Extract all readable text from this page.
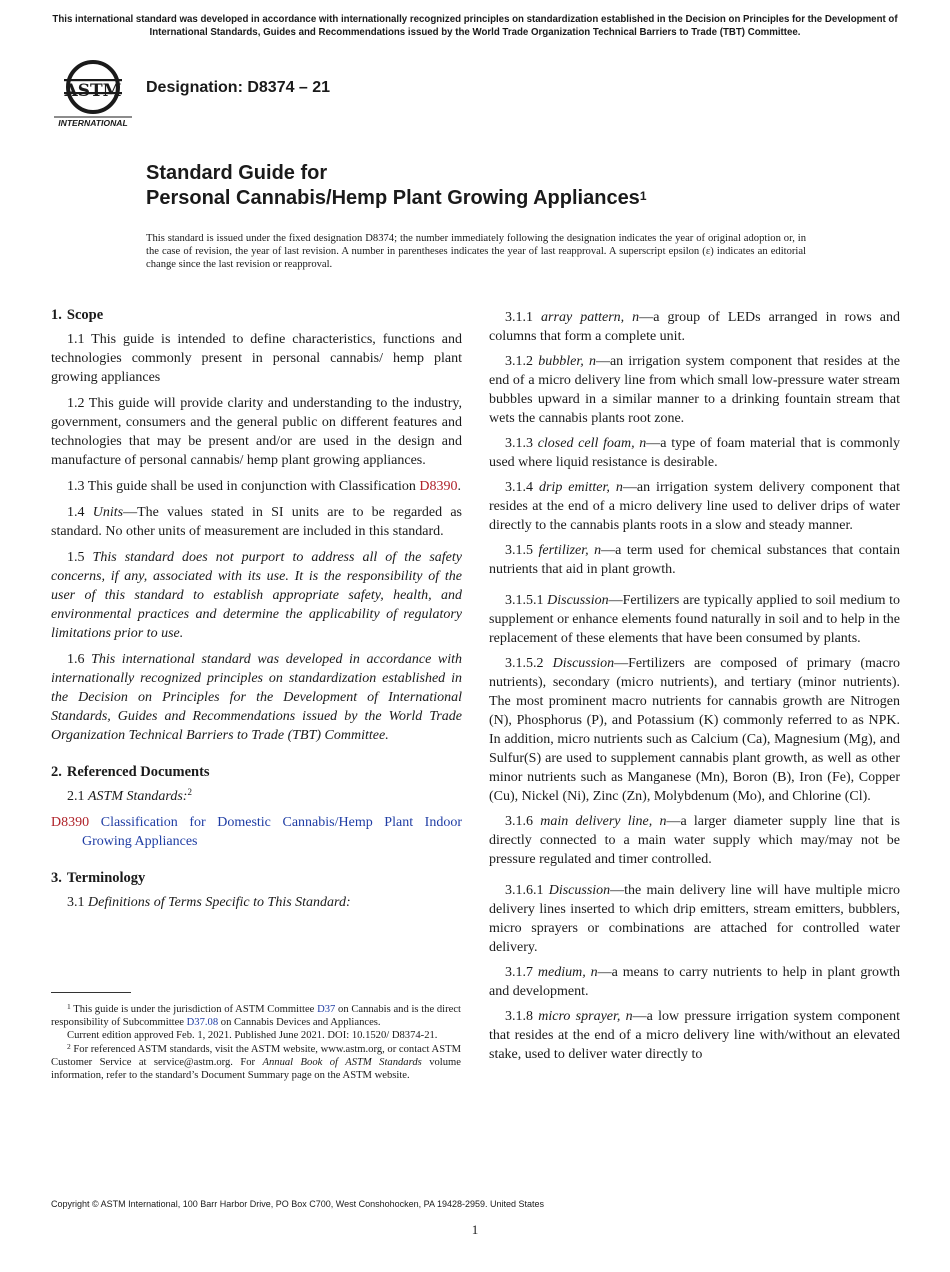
This international standard was developed in accordance with internationally recognized principles on standardization established in the Decision on Principles for the Development of International Standards, Guides and Recommendations issued by the World Trade Organization Technical Barriers to Trade (TBT) Committee.
ASTM
INTERNATIONAL
Designation: D8374 – 21
Standard Guide for
Personal Cannabis/Hemp Plant Growing Appliances$^1$
This standard is issued under the fixed designation D8374; the number immediately following the designation indicates the year of original adoption or, in the case of revision, the year of last revision. A number in parentheses indicates the year of last reapproval. A superscript epsilon (ε) indicates an editorial change since the last revision or reapproval.
1. Scope

1.1 This guide is intended to define characteristics, functions and technologies commonly present in personal cannabis/ hemp plant growing appliances

1.2 This guide will provide clarity and understanding to the industry, government, consumers and the general public on different features and technologies that may be present and/or are used in the design and manufacture of personal cannabis/ hemp plant growing appliances.

1.3 This guide shall be used in conjunction with Classification D8390.

1.4 Units—The values stated in SI units are to be regarded as standard. No other units of measurement are included in this standard.

1.5 This standard does not purport to address all of the safety concerns, if any, associated with its use. It is the responsibility of the user of this standard to establish appropriate safety, health, and environmental practices and determine the applicability of regulatory limitations prior to use.

1.6 This international standard was developed in accordance with internationally recognized principles on standardization established in the Decision on Principles for the Development of International Standards, Guides and Recommendations issued by the World Trade Organization Technical Barriers to Trade (TBT) Committee.

2. Referenced Documents

2.1 ASTM Standards:$^2$

D8390 Classification for Domestic Cannabis/Hemp Plant Indoor Growing Appliances
3. Terminology

3.1 Definitions of Terms Specific to This Standard:

3.1.1 array pattern, n—a group of LEDs arranged in rows and columns that form a complete unit.

3.1.2 bubbler, n—an irrigation system component that resides at the end of a micro delivery line from which small low-pressure water stream bubbles upward in a similar manner to a drinking fountain stream that wets the cannabis plants root zone.

3.1.3 closed cell foam, n—a type of foam material that is commonly used where liquid resistance is desirable.

3.1.4 drip emitter, n—an irrigation system delivery component that resides at the end of a micro delivery line used to deliver drips of water directly to the cannabis plants roots in a slow and steady manner.

3.1.5 fertilizer, n—a term used for chemical substances that contain nutrients that aid in plant growth.

3.1.5.1 Discussion—Fertilizers are typically applied to soil medium to supplement or enhance elements found naturally in soil and to help in the replacement of these elements that have been consumed by plants.

3.1.5.2 Discussion—Fertilizers are composed of primary (macro nutrients), secondary (micro nutrients), and tertiary (minor nutrients). The most prominent macro nutrients for cannabis growth are Nitrogen (N), Phosphorus (P), and Potassium (K) commonly referred to as NPK. In addition, micro nutrients such as Calcium (Ca), Magnesium (Mg), and Sulfur(S) are used to supplement cannabis plant growth, as well as other minor nutrients such as Manganese (Mn), Boron (B), Iron (Fe), Copper (Cu), Nickel (Ni), Zinc (Zn), Molybdenum (Mo), and Chlorine (Cl).

3.1.6 main delivery line, n—a larger diameter supply line that is directly connected to a main water supply which may/may not be pressure regulated and timer controlled.

3.1.6.1 Discussion—the main delivery line will have multiple micro delivery lines inserted to which drip emitters, stream emitters, bubblers, micro sprayers or combinations are attached for controlled water delivery.

3.1.7 medium, n—a means to carry nutrients to help in plant growth and development.

3.1.8 micro sprayer, n—a low pressure irrigation system component that resides at the end of a micro delivery line with/without an elevated stake, used to deliver water directly to

$^1$ This guide is under the jurisdiction of ASTM Committee D37 on Cannabis and is the direct responsibility of Subcommittee D37.08 on Cannabis Devices and Appliances.

Current edition approved Feb. 1, 2021. Published June 2021. DOI: 10.1520/ D8374-21.

$^2$ For referenced ASTM standards, visit the ASTM website, www.astm.org, or contact ASTM Customer Service at service@astm.org. For Annual Book of ASTM Standards volume information, refer to the standard’s Document Summary page on the ASTM website.

Copyright © ASTM International, 100 Barr Harbor Drive, PO Box C700, West Conshohocken, PA 19428-2959. United States
1
